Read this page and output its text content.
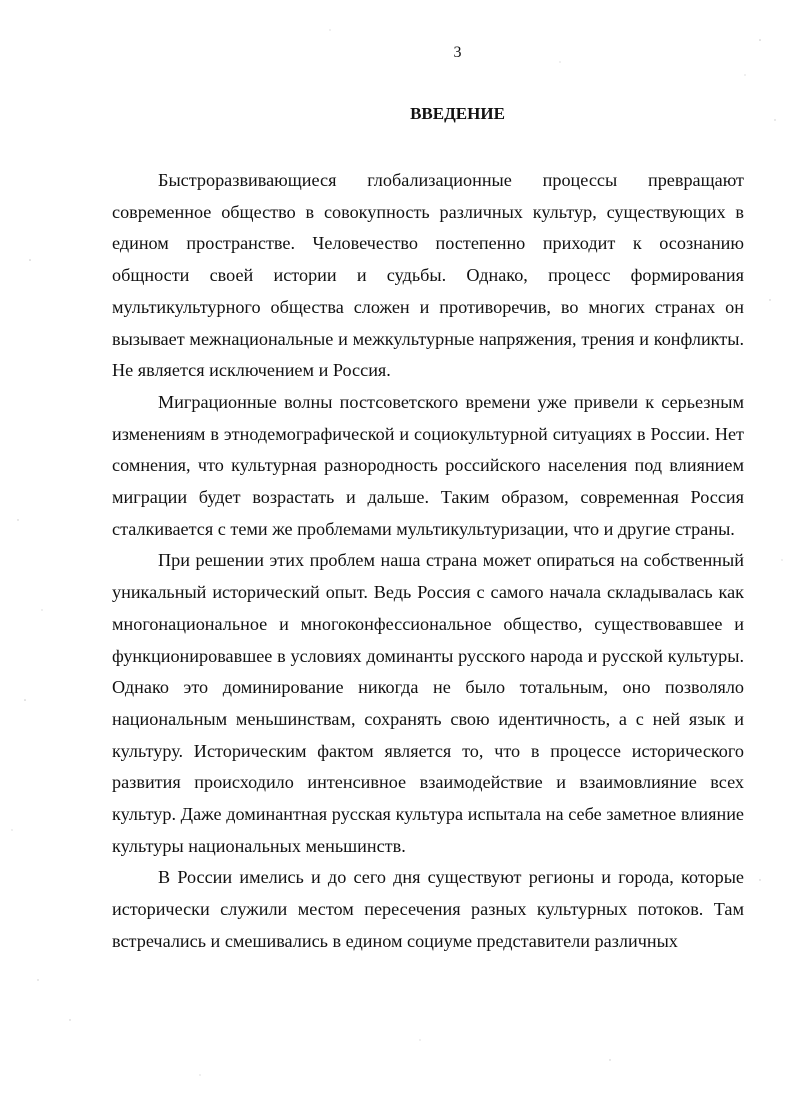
3
ВВЕДЕНИЕ

Быстроразвивающиеся глобализационные процессы превращают современное общество в совокупность различных культур, существующих в едином пространстве. Человечество постепенно приходит к осознанию общности своей истории и судьбы. Однако, процесс формирования мультикультурного общества сложен и противоречив, во многих странах он вызывает межнациональные и межкультурные напряжения, трения и конфликты. Не является исключением и Россия.

Миграционные волны постсоветского времени уже привели к серьезным изменениям в этнодемографической и социокультурной ситуациях в России. Нет сомнения, что культурная разнородность российского населения под влиянием миграции будет возрастать и дальше. Таким образом, современная Россия сталкивается с теми же проблемами мультикультуризации, что и другие страны.

При решении этих проблем наша страна может опираться на собственный уникальный исторический опыт. Ведь Россия с самого начала складывалась как многонациональное и многоконфессиональное общество, существовавшее и функционировавшее в условиях доминанты русского народа и русской культуры. Однако это доминирование никогда не было тотальным, оно позволяло национальным меньшинствам, сохранять свою идентичность, а с ней язык и культуру. Историческим фактом является то, что в процессе исторического развития происходило интенсивное взаимодействие и взаимовлияние всех культур. Даже доминантная русская культура испытала на себе заметное влияние культуры национальных меньшинств.

В России имелись и до сего дня существуют регионы и города, которые исторически служили местом пересечения разных культурных потоков. Там встречались и смешивались в едином социуме представители различных
